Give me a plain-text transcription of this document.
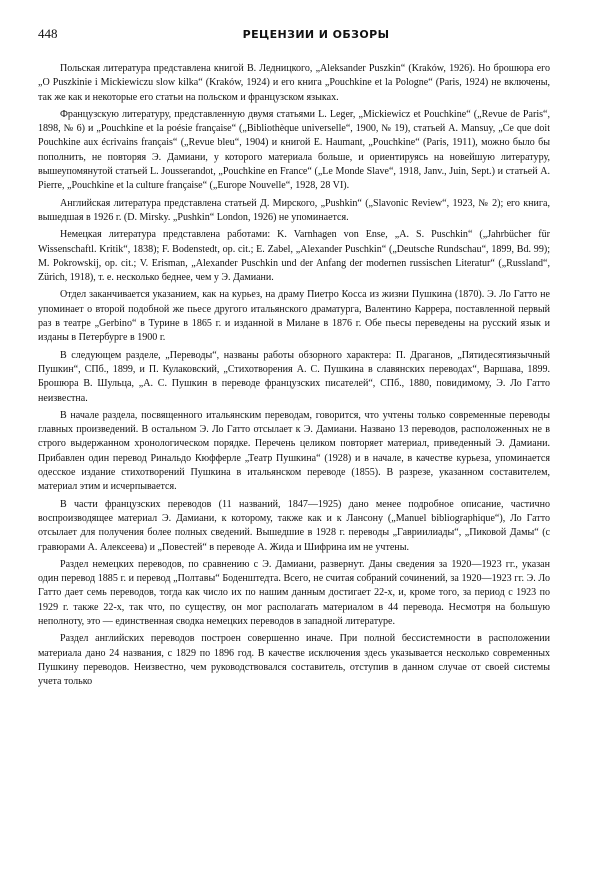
448	РЕЦЕНЗИИ И ОБЗОРЫ

Польская литература представлена книгой В. Ледницкого, „Aleksander Puszkin“ (Kraków, 1926). Но брошюра его „O Puszkinie i Mickiewiczu slow kilka“ (Kraków, 1924) и его книга „Pouchkine et la Pologne“ (Paris, 1924) не включены, так же как и некоторые его статьи на польском и французском языках.

Французскую литературу, представленную двумя статьями L. Leger, „Mickiewicz et Pouchkine“ („Revue de Paris“, 1898, № 6) и „Pouchkine et la poésie française“ („Bibliothèque universelle“, 1900, № 19), статьей A. Mansuy, „Ce que doit Pouchkine aux écrivains français“ („Revue bleu“, 1904) и книгой E. Haumant, „Pouchkine“ (Paris, 1911), можно было бы пополнить, не повторяя Э. Дамиани, у которого материала больше, и ориентируясь на новейшую литературу, вышеупомянутой статьей L. Jousserandot, „Pouchkine en France“ („Le Monde Slave“, 1918, Janv., Juin, Sept.) и статьей A. Pierre, „Pouchkine et la culture française“ („Europe Nouvelle“, 1928, 28 VI).

Английская литература представлена статьей Д. Мирского, „Pushkin“ („Slavonic Review“, 1923, № 2); его книга, вышедшая в 1926 г. (D. Mirsky. „Pushkin“ London, 1926) не упоминается.

Немецкая литература представлена работами: K. Varnhagen von Ense, „A. S. Puschkin“ („Jahrbücher für Wissenschaftl. Kritik“, 1838); F. Bodenstedt, op. cit.; E. Zabel, „Alexander Puschkin“ („Deutsche Rundschau“, 1899, Bd. 99); M. Pokrowskij, op. cit.; V. Erisman, „Alexander Puschkin und der Anfang der modernen russischen Literatur“ („Russland“, Zürich, 1918), т. е. несколько беднее, чем у Э. Дамиани.

Отдел заканчивается указанием, как на курьез, на драму Пиетро Косса из жизни Пушкина (1870). Э. Ло Гатто не упоминает о второй подобной же пьесе другого итальянского драматурга, Валентино Каррера, поставленной первый раз в театре „Gerbino“ в Турине в 1865 г. и изданной в Милане в 1876 г. Обе пьесы переведены на русский язык и изданы в Петербурге в 1900 г.

В следующем разделе, „Переводы“, названы работы обзорного характера: П. Драганов, „Пятидесятиязычный Пушкин“, СПб., 1899, и П. Кулаковский, „Стихотворения А. С. Пушкина в славянских переводах“, Варшава, 1899. Брошюра В. Шульца, „А. С. Пушкин в переводе французских писателей“, СПб., 1880, повидимому, Э. Ло Гатто неизвестна.

В начале раздела, посвященного итальянским переводам, говорится, что учтены только современные переводы главных произведений. В остальном Э. Ло Гатто отсылает к Э. Дамиани. Названо 13 переводов, расположенных не в строго выдержанном хронологическом порядке. Перечень целиком повторяет материал, приведенный Э. Дамиани. Прибавлен один перевод Ринальдо Кюфферле „Театр Пушкина“ (1928) и в начале, в качестве курьеза, упоминается одесское издание стихотворений Пушкина в итальянском переводе (1855). В разрезе, указанном составителем, материал этим и исчерпывается.

В части французских переводов (11 названий, 1847—1925) дано менее подробное описание, частично воспроизводящее материал Э. Дамиани, к которому, также как и к Лансону („Manuel bibliographique“), Ло Гатто отсылает для получения более полных сведений. Вышедшие в 1928 г. переводы „Гавриилиады“, „Пиковой Дамы“ (с гравюрами А. Алексеева) и „Повестей“ в переводе А. Жида и Шифрина им не учтены.

Раздел немецких переводов, по сравнению с Э. Дамиани, развернут. Даны сведения за 1920—1923 гг., указан один перевод 1885 г. и перевод „Полтавы“ Боденштедта. Всего, не считая собраний сочинений, за 1920—1923 гг. Э. Ло Гатто дает семь переводов, тогда как число их по нашим данным достигает 22-х, и, кроме того, за период с 1923 по 1929 г. также 22-х, так что, по существу, он мог располагать материалом в 44 перевода. Несмотря на большую неполноту, это — единственная сводка немецких переводов в западной литературе.

Раздел английских переводов построен совершенно иначе. При полной бессистемности в расположении материала дано 24 названия, с 1829 по 1896 год. В качестве исключения здесь указывается несколько современных Пушкину переводов. Неизвестно, чем руководствовался составитель, отступив в данном случае от своей системы учета только
